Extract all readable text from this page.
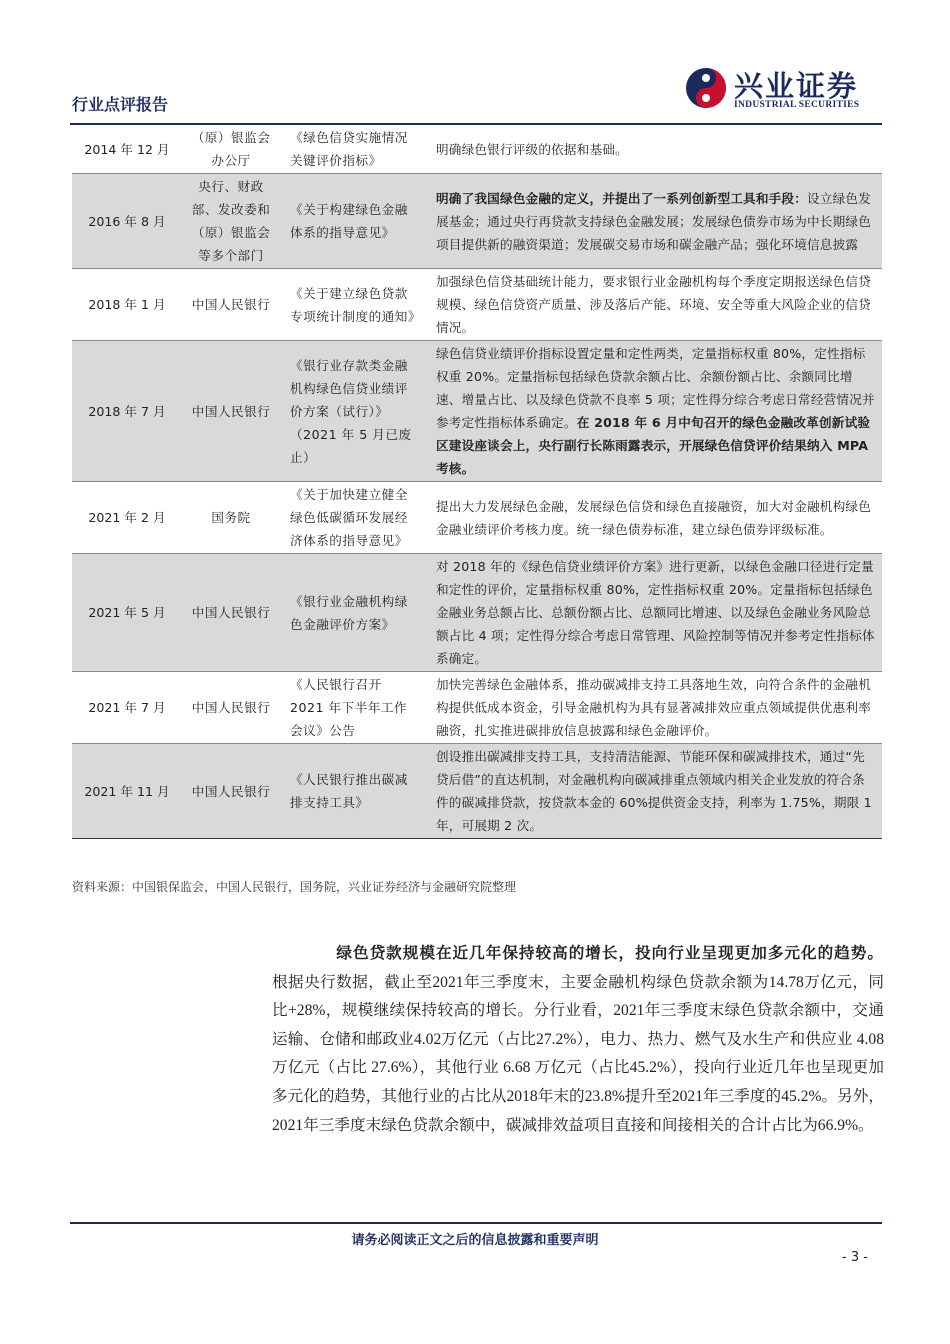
行业点评报告
兴业证券
INDUSTRIAL SECURITIES
2014 年 12 月	（原）银监会办公厅	《绿色信贷实施情况关键评价指标》	明确绿色银行评级的依据和基础。
2016 年 8 月	央行、财政部、发改委和（原）银监会等多个部门	《关于构建绿色金融体系的指导意见》	明确了我国绿色金融的定义，并提出了一系列创新型工具和手段：设立绿色发展基金；通过央行再贷款支持绿色金融发展；发展绿色债券市场为中长期绿色项目提供新的融资渠道；发展碳交易市场和碳金融产品；强化环境信息披露
2018 年 1 月	中国人民银行	《关于建立绿色贷款专项统计制度的通知》	加强绿色信贷基础统计能力，要求银行业金融机构每个季度定期报送绿色信贷规模、绿色信贷资产质量、涉及落后产能、环境、安全等重大风险企业的信贷情况。
2018 年 7 月	中国人民银行	《银行业存款类金融机构绿色信贷业绩评价方案（试行）》（2021 年 5 月已废止）	绿色信贷业绩评价指标设置定量和定性两类，定量指标权重 80%，定性指标权重 20%。定量指标包括绿色贷款余额占比、余额份额占比、余额同比增速、增量占比、以及绿色贷款不良率 5 项；定性得分综合考虑日常经营情况并参考定性指标体系确定。在 2018 年 6 月中旬召开的绿色金融改革创新试验区建设座谈会上，央行副行长陈雨露表示，开展绿色信贷评价结果纳入 MPA 考核。
2021 年 2 月	国务院	《关于加快建立健全绿色低碳循环发展经济体系的指导意见》	提出大力发展绿色金融，发展绿色信贷和绿色直接融资，加大对金融机构绿色金融业绩评价考核力度。统一绿色债券标准，建立绿色债券评级标准。
2021 年 5 月	中国人民银行	《银行业金融机构绿色金融评价方案》	对 2018 年的《绿色信贷业绩评价方案》进行更新，以绿色金融口径进行定量和定性的评价，定量指标权重 80%，定性指标权重 20%。定量指标包括绿色金融业务总额占比、总额份额占比、总额同比增速、以及绿色金融业务风险总额占比 4 项；定性得分综合考虑日常管理、风险控制等情况并参考定性指标体系确定。
2021 年 7 月	中国人民银行	《人民银行召开 2021 年下半年工作会议》公告	加快完善绿色金融体系，推动碳减排支持工具落地生效，向符合条件的金融机构提供低成本资金，引导金融机构为具有显著减排效应重点领域提供优惠利率融资，扎实推进碳排放信息披露和绿色金融评价。
2021 年 11 月	中国人民银行	《人民银行推出碳减排支持工具》	创设推出碳减排支持工具，支持清洁能源、节能环保和碳减排技术，通过“先贷后借”的直达机制，对金融机构向碳减排重点领域内相关企业发放的符合条件的碳减排贷款，按贷款本金的 60%提供资金支持，利率为 1.75%，期限 1 年，可展期 2 次。
资料来源：中国银保监会，中国人民银行，国务院，兴业证券经济与金融研究院整理
绿色贷款规模在近几年保持较高的增长，投向行业呈现更加多元化的趋势。
根据央行数据，截止至2021年三季度末，主要金融机构绿色贷款余额为14.78万亿元，同比+28%，规模继续保持较高的增长。分行业看，2021年三季度末绿色贷款余额中，交通运输、仓储和邮政业4.02万亿元（占比27.2%），电力、热力、燃气及水生产和供应业 4.08 万亿元（占比 27.6%），其他行业 6.68 万亿元（占比45.2%），投向行业近几年也呈现更加多元化的趋势，其他行业的占比从2018年末的23.8%提升至2021年三季度的45.2%。另外，2021年三季度末绿色贷款余额中，碳减排效益项目直接和间接相关的合计占比为66.9%。
请务必阅读正文之后的信息披露和重要声明
- 3 -
